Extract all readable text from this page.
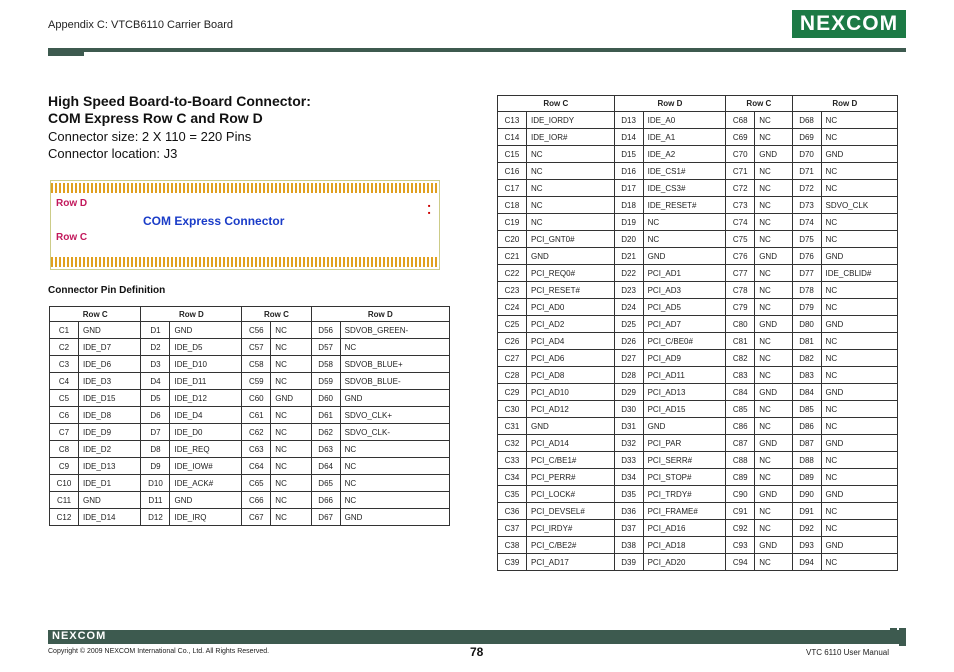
Appendix C: VTCB6110 Carrier Board	NEXCOM
High Speed Board-to-Board Connector:
COM Express Row C and Row D
Connector size: 2 X 110 = 220 Pins
Connector location: J3
Row D
COM Express Connector
Row C
■
■
Connector Pin Definition
Row C		Row D		Row C		Row D	
C1	GND	D1	GND	C56	NC	D56	SDVOB_GREEN-
C2	IDE_D7	D2	IDE_D5	C57	NC	D57	NC
C3	IDE_D6	D3	IDE_D10	C58	NC	D58	SDVOB_BLUE+
C4	IDE_D3	D4	IDE_D11	C59	NC	D59	SDVOB_BLUE-
C5	IDE_D15	D5	IDE_D12	C60	GND	D60	GND
C6	IDE_D8	D6	IDE_D4	C61	NC	D61	SDVO_CLK+
C7	IDE_D9	D7	IDE_D0	C62	NC	D62	SDVO_CLK-
C8	IDE_D2	D8	IDE_REQ	C63	NC	D63	NC
C9	IDE_D13	D9	IDE_IOW#	C64	NC	D64	NC
C10	IDE_D1	D10	IDE_ACK#	C65	NC	D65	NC
C11	GND	D11	GND	C66	NC	D66	NC
C12	IDE_D14	D12	IDE_IRQ	C67	NC	D67	GND
Row C		Row D		Row C		Row D	
C13	IDE_IORDY	D13	IDE_A0	C68	NC	D68	NC
C14	IDE_IOR#	D14	IDE_A1	C69	NC	D69	NC
C15	NC	D15	IDE_A2	C70	GND	D70	GND
C16	NC	D16	IDE_CS1#	C71	NC	D71	NC
C17	NC	D17	IDE_CS3#	C72	NC	D72	NC
C18	NC	D18	IDE_RESET#	C73	NC	D73	SDVO_CLK
C19	NC	D19	NC	C74	NC	D74	NC
C20	PCI_GNT0#	D20	NC	C75	NC	D75	NC
C21	GND	D21	GND	C76	GND	D76	GND
C22	PCI_REQ0#	D22	PCI_AD1	C77	NC	D77	IDE_CBLID#
C23	PCI_RESET#	D23	PCI_AD3	C78	NC	D78	NC
C24	PCI_AD0	D24	PCI_AD5	C79	NC	D79	NC
C25	PCI_AD2	D25	PCI_AD7	C80	GND	D80	GND
C26	PCI_AD4	D26	PCI_C/BE0#	C81	NC	D81	NC
C27	PCI_AD6	D27	PCI_AD9	C82	NC	D82	NC
C28	PCI_AD8	D28	PCI_AD11	C83	NC	D83	NC
C29	PCI_AD10	D29	PCI_AD13	C84	GND	D84	GND
C30	PCI_AD12	D30	PCI_AD15	C85	NC	D85	NC
C31	GND	D31	GND	C86	NC	D86	NC
C32	PCI_AD14	D32	PCI_PAR	C87	GND	D87	GND
C33	PCI_C/BE1#	D33	PCI_SERR#	C88	NC	D88	NC
C34	PCI_PERR#	D34	PCI_STOP#	C89	NC	D89	NC
C35	PCI_LOCK#	D35	PCI_TRDY#	C90	GND	D90	GND
C36	PCI_DEVSEL#	D36	PCI_FRAME#	C91	NC	D91	NC
C37	PCI_IRDY#	D37	PCI_AD16	C92	NC	D92	NC
C38	PCI_C/BE2#	D38	PCI_AD18	C93	GND	D93	GND
C39	PCI_AD17	D39	PCI_AD20	C94	NC	D94	NC
NEXCOM
Copyright © 2009 NEXCOM International Co., Ltd. All Rights Reserved.	78	VTC 6110 User Manual
